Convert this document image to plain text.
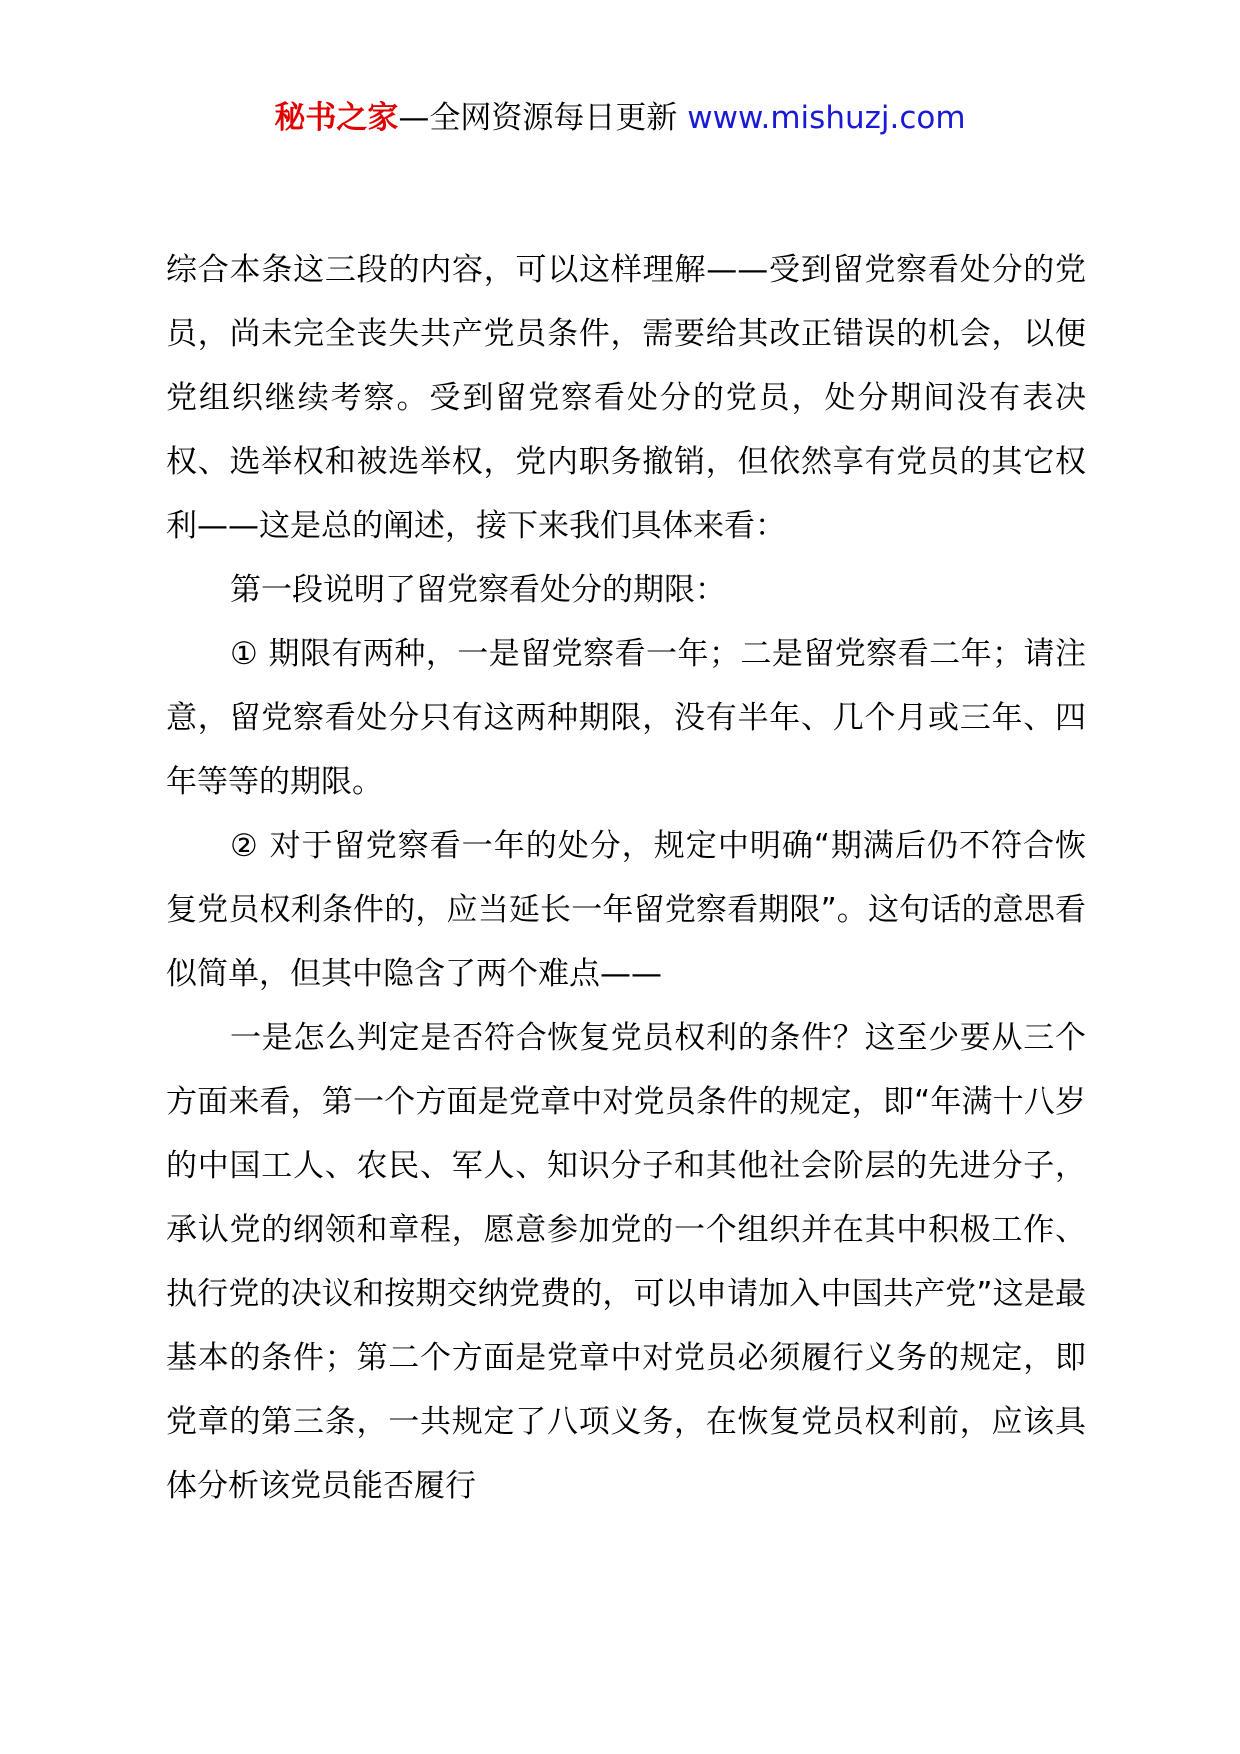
秘书之家—全网资源每日更新 www.mishuzj.com

综合本条这三段的内容，可以这样理解——受到留党察看处分的党员，尚未完全丧失共产党员条件，需要给其改正错误的机会，以便党组织继续考察。受到留党察看处分的党员，处分期间没有表决权、选举权和被选举权，党内职务撤销，但依然享有党员的其它权利——这是总的阐述，接下来我们具体来看：

第一段说明了留党察看处分的期限：

① 期限有两种，一是留党察看一年；二是留党察看二年；请注意，留党察看处分只有这两种期限，没有半年、几个月或三年、四年等等的期限。

② 对于留党察看一年的处分，规定中明确“期满后仍不符合恢复党员权利条件的，应当延长一年留党察看期限”。这句话的意思看似简单，但其中隐含了两个难点——

一是怎么判定是否符合恢复党员权利的条件？这至少要从三个方面来看，第一个方面是党章中对党员条件的规定，即“年满十八岁的中国工人、农民、军人、知识分子和其他社会阶层的先进分子，承认党的纲领和章程，愿意参加党的一个组织并在其中积极工作、执行党的决议和按期交纳党费的，可以申请加入中国共产党”这是最基本的条件；第二个方面是党章中对党员必须履行义务的规定，即党章的第三条，一共规定了八项义务，在恢复党员权利前，应该具体分析该党员能否履行
